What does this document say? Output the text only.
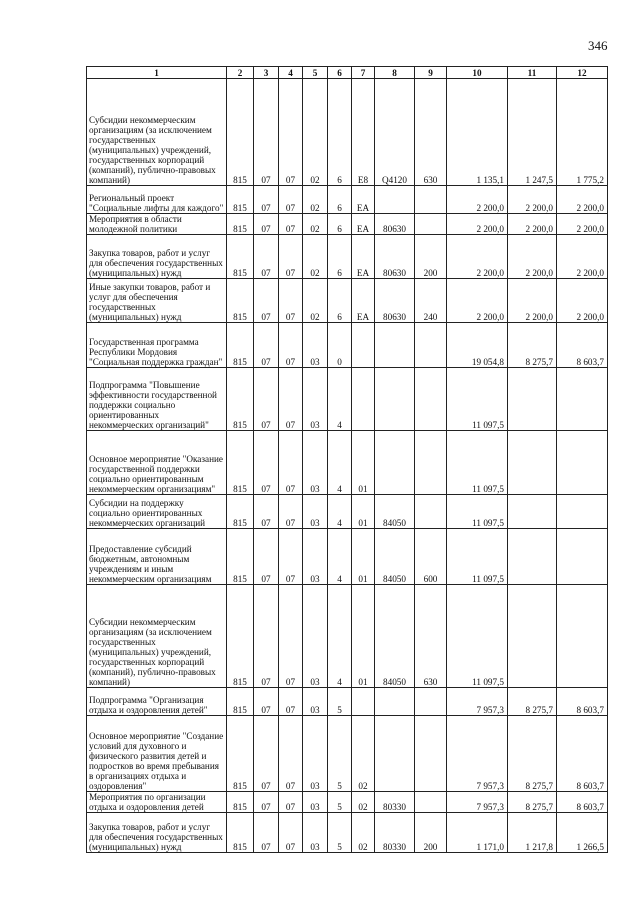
346
1	2	3	4	5	6	7	8	9	10	11	12
Субсидии некоммерческим организациям (за исключением государственных (муниципальных) учреждений, государственных корпораций (компаний), публично-правовых компаний)	815	07	07	02	6	E8	Q4120	630	1 135,1	1 247,5	1 775,2
Региональный проект "Социальные лифты для каждого"	815	07	07	02	6	EA			2 200,0	2 200,0	2 200,0
Мероприятия в области молодежной политики	815	07	07	02	6	EA	80630		2 200,0	2 200,0	2 200,0
Закупка товаров, работ и услуг для обеспечения государственных (муниципальных) нужд	815	07	07	02	6	EA	80630	200	2 200,0	2 200,0	2 200,0
Иные закупки товаров, работ и услуг для обеспечения государственных (муниципальных) нужд	815	07	07	02	6	EA	80630	240	2 200,0	2 200,0	2 200,0
Государственная программа Республики Мордовия "Социальная поддержка граждан"	815	07	07	03	0				19 054,8	8 275,7	8 603,7
Подпрограмма "Повышение эффективности государственной поддержки социально ориентированных некоммерческих организаций"	815	07	07	03	4				11 097,5		
Основное мероприятие "Оказание государственной поддержки социально ориентированным некоммерческим организациям"	815	07	07	03	4	01			11 097,5		
Субсидии на поддержку социально ориентированных некоммерческих организаций	815	07	07	03	4	01	84050		11 097,5		
Предоставление субсидий бюджетным, автономным учреждениям и иным некоммерческим организациям	815	07	07	03	4	01	84050	600	11 097,5		
Субсидии некоммерческим организациям (за исключением государственных (муниципальных) учреждений, государственных корпораций (компаний), публично-правовых компаний)	815	07	07	03	4	01	84050	630	11 097,5		
Подпрограмма "Организация отдыха и оздоровления детей"	815	07	07	03	5				7 957,3	8 275,7	8 603,7
Основное мероприятие "Создание условий для духовного и физического развития детей и подростков во время пребывания в организациях отдыха и оздоровления"	815	07	07	03	5	02			7 957,3	8 275,7	8 603,7
Мероприятия по организации отдыха и оздоровления детей	815	07	07	03	5	02	80330		7 957,3	8 275,7	8 603,7
Закупка товаров, работ и услуг для обеспечения государственных (муниципальных) нужд	815	07	07	03	5	02	80330	200	1 171,0	1 217,8	1 266,5
